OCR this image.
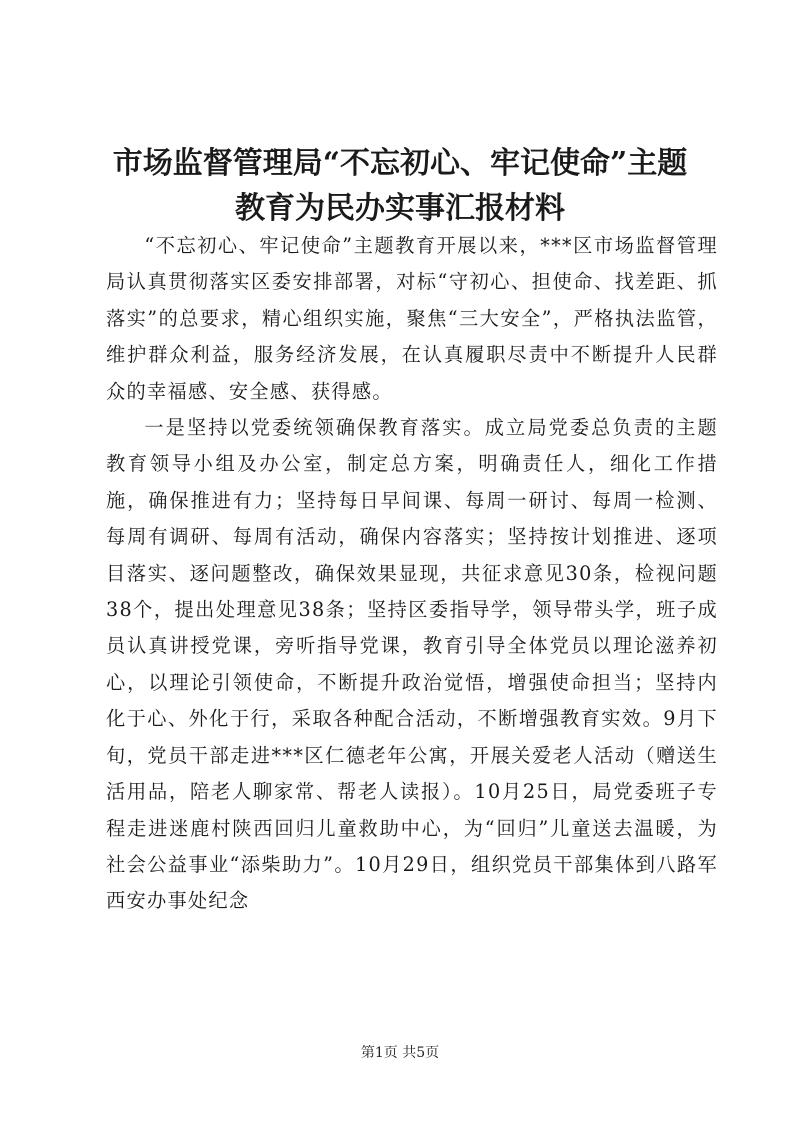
市场监督管理局“不忘初心、牢记使命”主题
教育为民办实事汇报材料

“不忘初心、牢记使命”主题教育开展以来，***区市场监督管理局认真贯彻落实区委安排部署，对标“守初心、担使命、找差距、抓落实”的总要求，精心组织实施，聚焦“三大安全”，严格执法监管，维护群众利益，服务经济发展，在认真履职尽责中不断提升人民群众的幸福感、安全感、获得感。

一是坚持以党委统领确保教育落实。成立局党委总负责的主题教育领导小组及办公室，制定总方案，明确责任人，细化工作措施，确保推进有力；坚持每日早间课、每周一研讨、每周一检测、每周有调研、每周有活动，确保内容落实；坚持按计划推进、逐项目落实、逐问题整改，确保效果显现，共征求意见30条，检视问题38个，提出处理意见38条；坚持区委指导学，领导带头学，班子成员认真讲授党课，旁听指导党课，教育引导全体党员以理论滋养初心，以理论引领使命，不断提升政治觉悟，增强使命担当；坚持内化于心、外化于行，采取各种配合活动，不断增强教育实效。9月下旬，党员干部走进***区仁德老年公寓，开展关爱老人活动（赠送生活用品，陪老人聊家常、帮老人读报）。10月25日，局党委班子专程走进迷鹿村陕西回归儿童救助中心，为“回归”儿童送去温暖，为社会公益事业“添柴助力”。10月29日，组织党员干部集体到八路军西安办事处纪念

第1页 共5页
